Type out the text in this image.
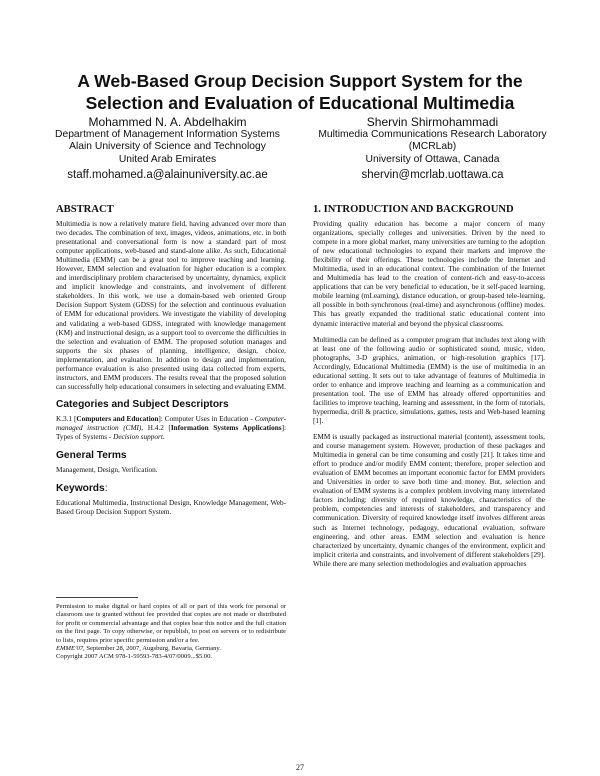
A Web-Based Group Decision Support System for the Selection and Evaluation of Educational Multimedia
Mohammed N. A. Abdelhakim
Department of Management Information Systems
Alain University of Science and Technology
United Arab Emirates
staff.mohamed.a@alainuniversity.ac.ae
Shervin Shirmohammadi
Multimedia Communications Research Laboratory
(MCRLab)
University of Ottawa, Canada
shervin@mcrlab.uottawa.ca
ABSTRACT
Multimedia is now a relatively mature field, having advanced over more than two decades. The combination of text, images, videos, animations, etc. in both presentational and conversational form is now a standard part of most computer applications, web-based and stand-alone alike. As such, Educational Multimedia (EMM) can be a great tool to improve teaching and learning. However, EMM selection and evaluation for higher education is a complex and interdisciplinary problem characterised by uncertainty, dynamics, explicit and implicit knowledge and constraints, and involvement of different stakeholders. In this work, we use a domain-based web oriented Group Decision Support System (GDSS) for the selection and continuous evaluation of EMM for educational providers. We investigate the viability of developing and validating a web-based GDSS, integrated with knowledge management (KM) and instructional design, as a support tool to overcome the difficulties in the selection and evaluation of EMM. The proposed solution manages and supports the six phases of planning, intelligence, design, choice, implementation, and evaluation. In addition to design and implementation, performance evaluation is also presented using data collected from experts, instructors, and EMM producers. The results reveal that the proposed solution can successfully help educational consumers in selecting and evaluating EMM.
Categories and Subject Descriptors
K.3.1 [Computers and Education]: Computer Uses in Education - Computer-managed instruction (CMI), H.4.2 [Information Systems Applications]: Types of Systems - Decision support.
General Terms
Management, Design, Verification.
Keywords:
Educational Multimedia, Instructional Design, Knowledge Management, Web-Based Group Decision Support System.

Permission to make digital or hard copies of all or part of this work for personal or classroom use is granted without fee provided that copies are not made or distributed for profit or commercial advantage and that copies bear this notice and the full citation on the first page. To copy otherwise, or republish, to post on servers or to redistribute to lists, requires prior specific permission and/or a fee.

EMME'07, September 28, 2007, Augsburg, Bavaria, Germany.

Copyright 2007 ACM 978-1-59593-783-4/07/0009...$5.00.

1. INTRODUCTION AND BACKGROUND

Providing quality education has become a major concern of many organizations, specially colleges and universities. Driven by the need to compete in a more global market, many universities are turning to the adoption of new educational technologies to expand their markets and improve the flexibility of their offerings. These technologies include the Internet and Multimedia, used in an educational context. The combination of the Internet and Multimedia has lead to the creation of content-rich and easy-to-access applications that can be very beneficial to education, be it self-paced learning, mobile learning (mLearning), distance education, or group-based tele-learning, all possible in both synchronous (real-time) and asynchronous (offline) modes. This has greatly expanded the traditional static educational content into dynamic interactive material and beyond the physical classrooms.

Multimedia can be defined as a computer program that includes text along with at least one of the following audio or sophisticated sound, music, video, photographs, 3-D graphics, animation, or high-resolution graphics [17]. Accordingly, Educational Multimedia (EMM) is the use of multimedia in an educational setting. It sets out to take advantage of features of Multimedia in order to enhance and improve teaching and learning as a communication and presentation tool. The use of EMM has already offered opportunities and facilities to improve teaching, learning and assessment, in the form of tutorials, hypermedia, drill & practice, simulations, games, tests and Web-based learning [1].

EMM is usually packaged as instructional material (content), assessment tools, and course management system. However, production of these packages and Multimedia in general can be time consuming and costly [21]. It takes time and effort to produce and/or modify EMM content; therefore, proper selection and evaluation of EMM becomes an important economic factor for EMM providers and Universities in order to save both time and money. But, selection and evaluation of EMM systems is a complex problem involving many interrelated factors including: diversity of required knowledge, characteristics of the problem, competencies and interests of stakeholders, and transparency and communication. Diversity of required knowledge itself involves different areas such as Internet technology, pedagogy, educational evaluation, software engineering, and other areas. EMM selection and evaluation is hence characterized by uncertainty, dynamic changes of the environment, explicit and implicit criteria and constraints, and involvement of different stakeholders [29]. While there are many selection methodologies and evaluation approaches

27
